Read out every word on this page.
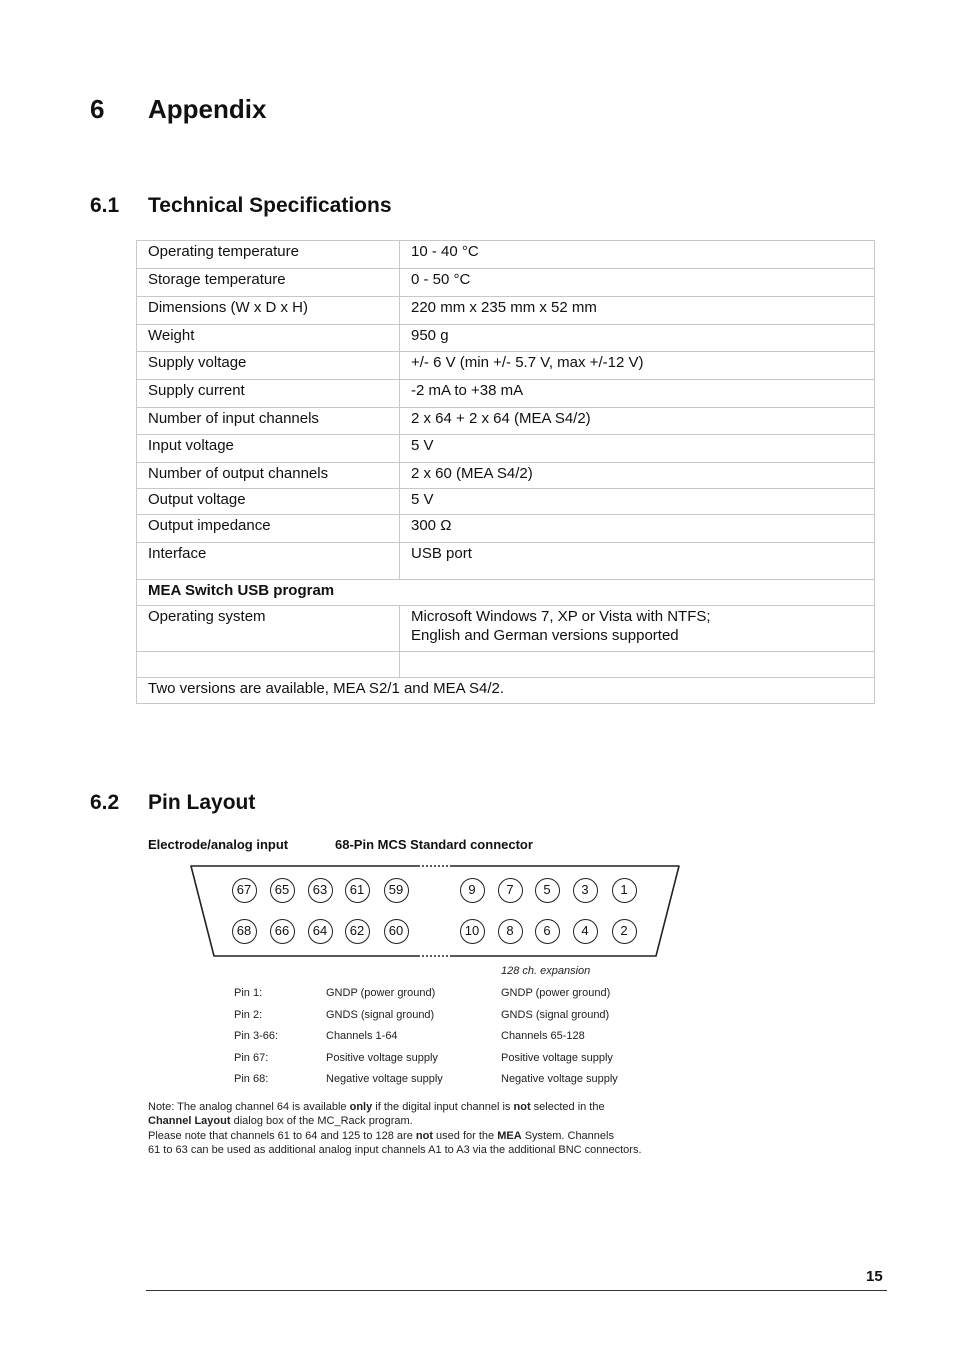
6 Appendix
6.1 Technical Specifications
Operating temperature	10 - 40 °C
Storage temperature	0 - 50 °C
Dimensions (W x D x H)	220 mm x 235 mm x 52 mm
Weight	950 g
Supply voltage	+/- 6 V (min +/- 5.7 V, max +/-12 V)
Supply current	-2 mA to +38 mA
Number of input channels	2 x 64 + 2 x 64 (MEA S4/2)
Input voltage	5 V
Number of output channels	2 x 60 (MEA S4/2)
Output voltage	5 V
Output impedance	300 Ω
Interface	USB port
MEA Switch USB program	
Operating system	Microsoft Windows 7, XP or Vista with NTFS;
English and German versions supported

Two versions are available, MEA S2/1 and MEA S4/2.	
6.2 Pin Layout
Electrode/analog input	68-Pin MCS Standard connector
67	65	63	61	59	9	7	5	3	1
68	66	64	62	60	10	8	6	4	2
128 ch. expansion
Pin 1:	GNDP (power ground)	GNDP (power ground)
Pin 2:	GNDS (signal ground)	GNDS (signal ground)
Pin 3-66:	Channels 1-64	Channels 65-128
Pin 67:	Positive voltage supply	Positive voltage supply
Pin 68:	Negative voltage supply	Negative voltage supply
Note: The analog channel 64 is available only if the digital input channel is not selected in the
Channel Layout dialog box of the MC_Rack program.
Please note that channels 61 to 64 and 125 to 128 are not used for the MEA System. Channels
61 to 63 can be used as additional analog input channels A1 to A3 via the additional BNC connectors.
15
